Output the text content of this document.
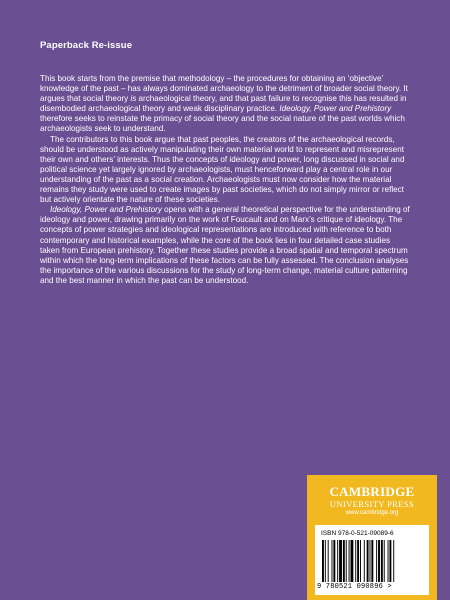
Paperback Re-issue

This book starts from the premise that methodology – the procedures for obtaining an ‘objective’ knowledge of the past – has always dominated archaeology to the detriment of broader social theory. It argues that social theory is archaeological theory, and that past failure to recognise this has resulted in disembodied archaeological theory and weak disciplinary practice. Ideology, Power and Prehistory therefore seeks to reinstate the primacy of social theory and the social nature of the past worlds which archaeologists seek to understand.

The contributors to this book argue that past peoples, the creators of the archaeological records, should be understood as actively manipulating their own material world to represent and misrepresent their own and others’ interests. Thus the concepts of ideology and power, long discussed in social and political science yet largely ignored by archaeologists, must henceforward play a central role in our understanding of the past as a social creation. Archaeologists must now consider how the material remains they study were used to create images by past societies, which do not simply mirror or reflect but actively orientate the nature of these societies.

Ideology, Power and Prehistory opens with a general theoretical perspective for the understanding of ideology and power, drawing primarily on the work of Foucault and on Marx’s critique of ideology. The concepts of power strategies and ideological representations are introduced with reference to both contemporary and historical examples, while the core of the book lies in four detailed case studies taken from European prehistory. Together these studies provide a broad spatial and temporal spectrum within which the long-term implications of these factors can be fully assessed. The conclusion analyses the importance of the various discussions for the study of long-term change, material culture patterning and the best manner in which the past can be understood.

CAMBRIDGE
UNIVERSITY PRESS
www.cambridge.org
ISBN 978-0-521-09089-6
9 780521 090896 >
